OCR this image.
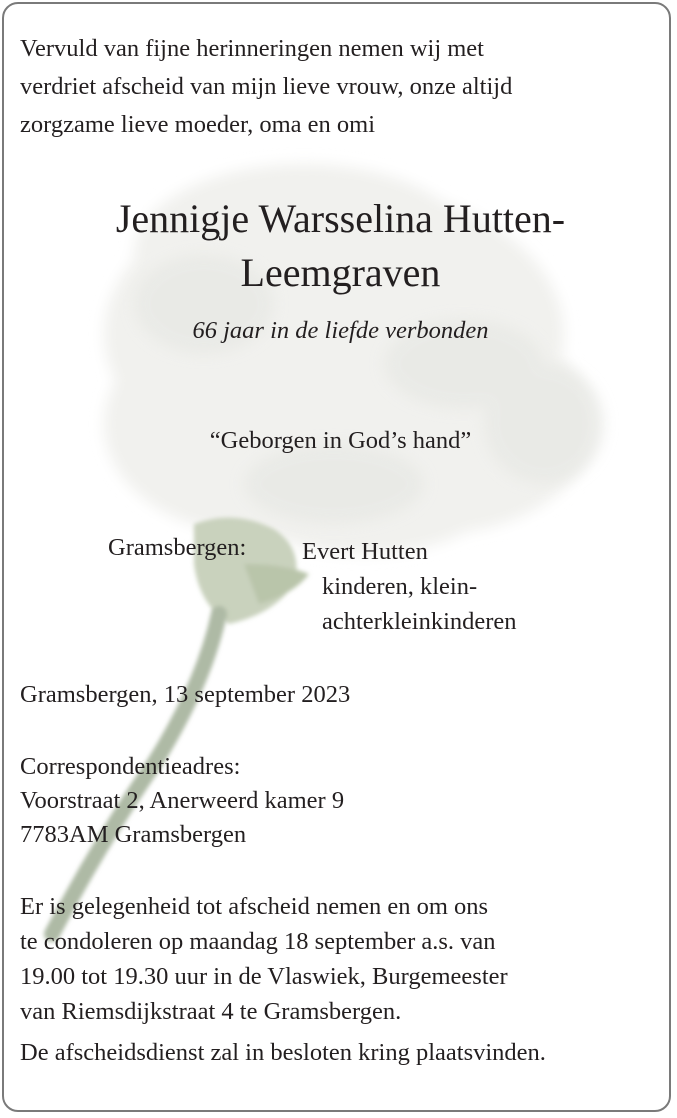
Vervuld van fijne herinneringen nemen wij met
verdriet afscheid van mijn lieve vrouw, onze altijd
zorgzame lieve moeder, oma en omi
Jennigje Warsselina Hutten-
Leemgraven
66 jaar in de liefde verbonden
“Geborgen in God’s hand”
Gramsbergen: Evert Hutten
kinderen, klein-
achterkleinkinderen
Gramsbergen, 13 september 2023
Correspondentieadres:
Voorstraat 2, Anerweerd kamer 9
7783AM Gramsbergen
Er is gelegenheid tot afscheid nemen en om ons
te condoleren op maandag 18 september a.s. van
19.00 tot 19.30 uur in de Vlaswiek, Burgemeester
van Riemsdijkstraat 4 te Gramsbergen.
De afscheidsdienst zal in besloten kring plaatsvinden.
